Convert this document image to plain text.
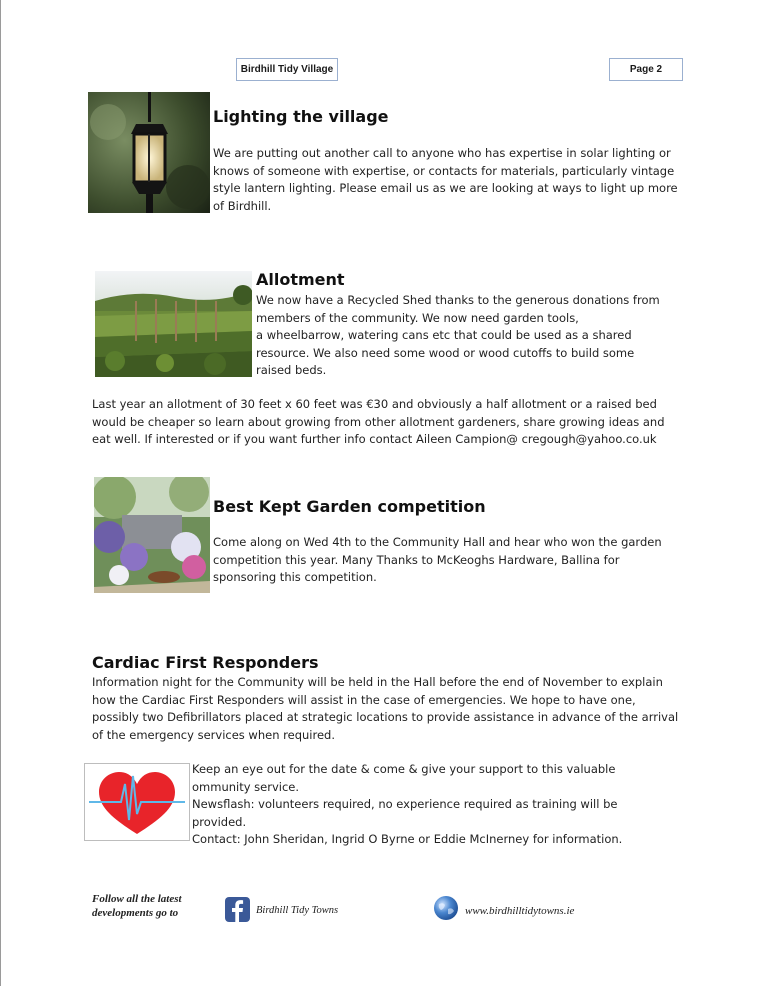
Birdhill Tidy Village	Page 2
Lighting the village
We are putting out another call to anyone who has expertise in solar lighting or
knows of someone with expertise, or contacts for materials, particularly vintage
style lantern lighting. Please email us as we are looking at ways to light up more
of Birdhill.
Allotment
We now have a Recycled Shed thanks to the generous donations from
members of the community. We now need garden tools,
a wheelbarrow, watering cans etc that could be used as a shared
resource. We also need some wood or wood cutoffs to build some
raised beds.
Last year an allotment of 30 feet x 60 feet was €30 and obviously a half allotment or a raised bed
would be cheaper so learn about growing from other allotment gardeners, share growing ideas and
eat well. If interested or if you want further info contact Aileen Campion@ cregough@yahoo.co.uk
Best Kept Garden competition
Come along on Wed 4th to the Community Hall and hear who won the garden
competition this year. Many Thanks to McKeoghs Hardware, Ballina for
sponsoring this competition.
Cardiac First Responders
Information night for the Community will be held in the Hall before the end of November to explain
how the Cardiac First Responders will assist in the case of emergencies. We hope to have one,
possibly two Defibrillators placed at strategic locations to provide assistance in advance of the arrival
of the emergency services when required.
Keep an eye out for the date & come & give your support to this valuable
ommunity service.
Newsflash: volunteers required, no experience required as training will be
provided.
Contact: John Sheridan, Ingrid O Byrne or Eddie McInerney for information.
Follow all the latest
developments go to	Birdhill Tidy Towns	www.birdhilltidytowns.ie
